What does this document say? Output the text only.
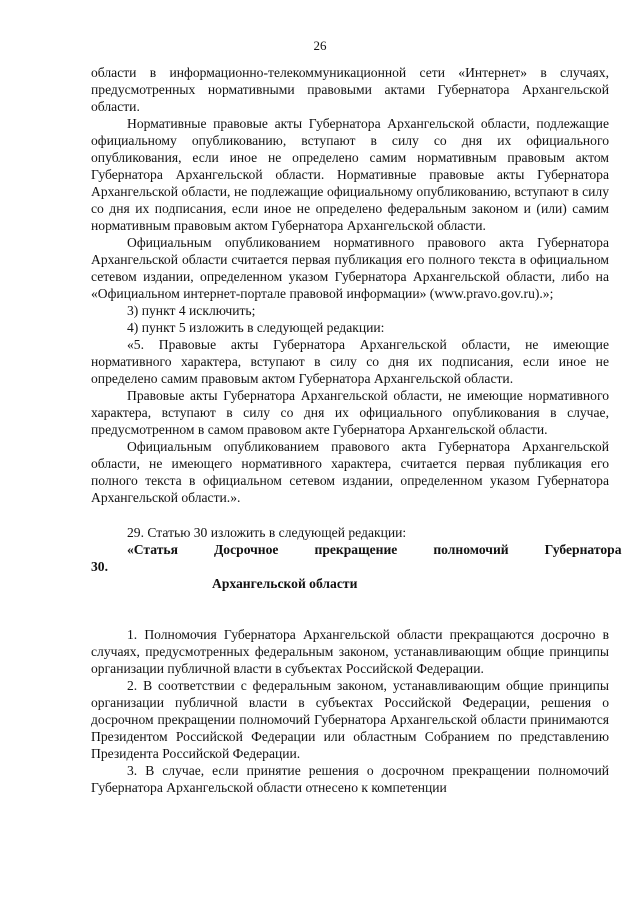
26

области в информационно-телекоммуникационной сети «Интернет» в случаях, предусмотренных нормативными правовыми актами Губернатора Архангельской области.

Нормативные правовые акты Губернатора Архангельской области, подлежащие официальному опубликованию, вступают в силу со дня их официального опубликования, если иное не определено самим нормативным правовым актом Губернатора Архангельской области. Нормативные правовые акты Губернатора Архангельской области, не подлежащие официальному опубликованию, вступают в силу со дня их подписания, если иное не определено федеральным законом и (или) самим нормативным правовым актом Губернатора Архангельской области.

Официальным опубликованием нормативного правового акта Губернатора Архангельской области считается первая публикация его полного текста в официальном сетевом издании, определенном указом Губернатора Архангельской области, либо на «Официальном интернет-портале правовой информации» (www.pravo.gov.ru).»;

3) пункт 4 исключить;

4) пункт 5 изложить в следующей редакции:

«5. Правовые акты Губернатора Архангельской области, не имеющие нормативного характера, вступают в силу со дня их подписания, если иное не определено самим правовым актом Губернатора Архангельской области.

Правовые акты Губернатора Архангельской области, не имеющие нормативного характера, вступают в силу со дня их официального опубликования в случае, предусмотренном в самом правовом акте Губернатора Архангельской области.

Официальным опубликованием правового акта Губернатора Архангельской области, не имеющего нормативного характера, считается первая публикация его полного текста в официальном сетевом издании, определенном указом Губернатора Архангельской области.».

29. Статью 30 изложить в следующей редакции:

«Статья 30.
Досрочное	прекращение	полномочий	Губернатора

Архангельской области

1. Полномочия Губернатора Архангельской области прекращаются досрочно в случаях, предусмотренных федеральным законом, устанавливающим общие принципы организации публичной власти в субъектах Российской Федерации.

2. В соответствии с федеральным законом, устанавливающим общие принципы организации публичной власти в субъектах Российской Федерации, решения о досрочном прекращении полномочий Губернатора Архангельской области принимаются Президентом Российской Федерации или областным Собранием по представлению Президента Российской Федерации.

3. В случае, если принятие решения о досрочном прекращении полномочий Губернатора Архангельской области отнесено к компетенции
